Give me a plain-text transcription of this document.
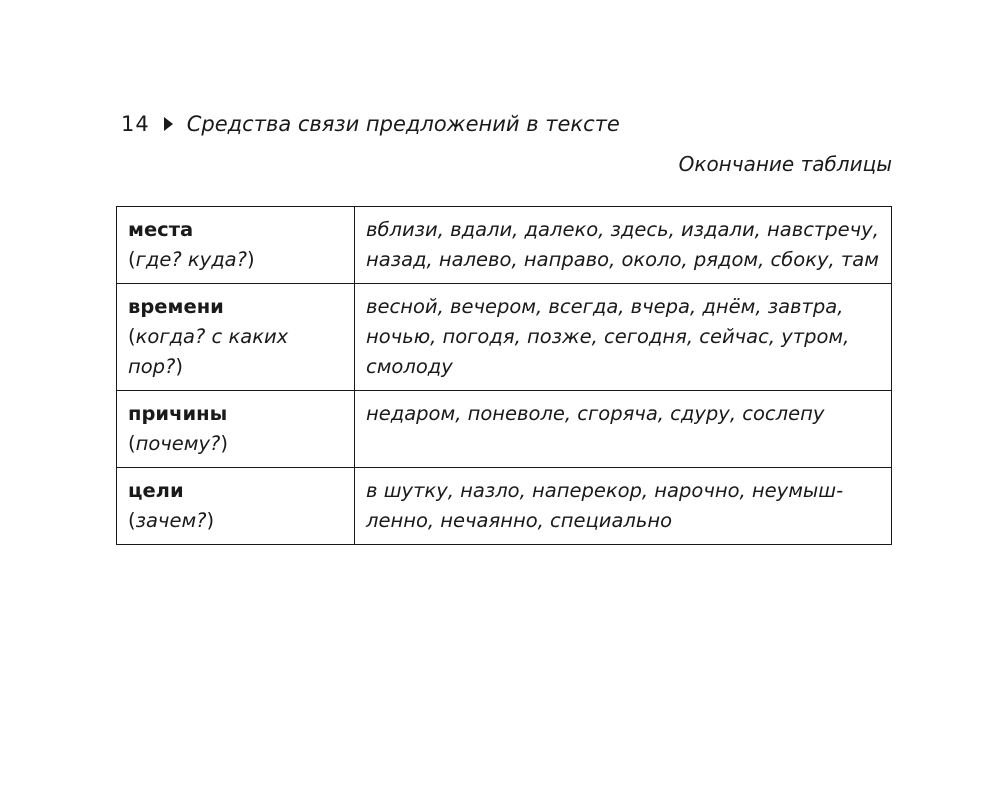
14 Средства связи предложений в тексте
Окончание таблицы
места
(где? куда?)	вблизи, вдали, далеко, здесь, издали, навстречу, назад, налево, направо, около, рядом, сбоку, там

времени
(когда? с каких пор?)	весной, вечером, всегда, вчера, днём, завтра, ночью, погодя, позже, сегодня, сейчас, утром, смолоду

причины
(почему?)	недаром, поневоле, сгоряча, сдуру, сослепу

цели
(зачем?)	в шутку, назло, наперекор, нарочно, неумыш-ленно, нечаянно, специально
